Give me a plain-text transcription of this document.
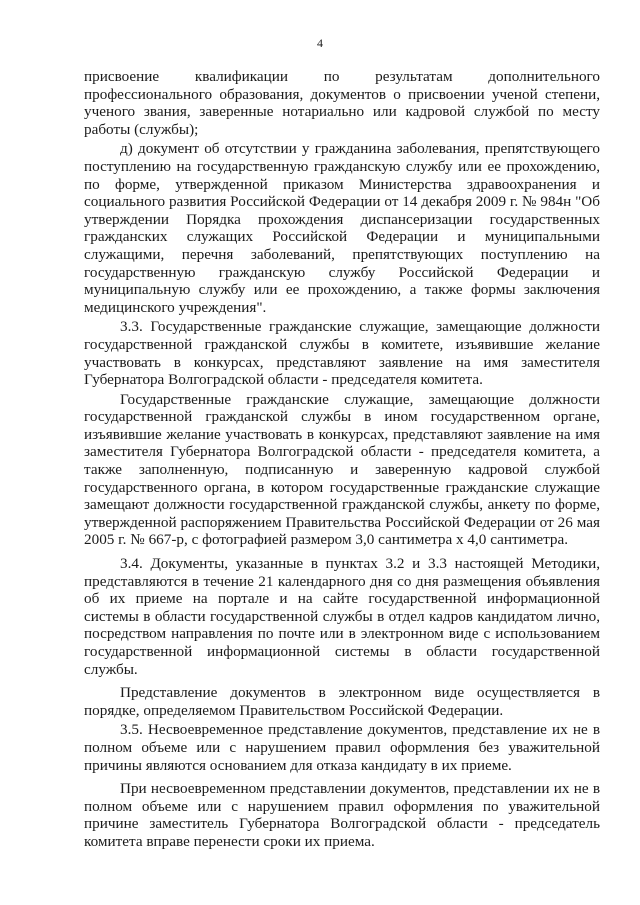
4

присвоение квалификации по результатам дополнительного профессионального образования, документов о присвоении ученой степени, ученого звания, заверенные нотариально или кадровой службой по месту работы (службы);

д) документ об отсутствии у гражданина заболевания, препятствующего поступлению на государственную гражданскую службу или ее прохождению, по форме, утвержденной приказом Министерства здравоохранения и социального развития Российской Федерации от 14 декабря 2009 г. № 984н "Об утверждении Порядка прохождения диспансеризации государственных гражданских служащих Российской Федерации и муниципальными служащими, перечня заболеваний, препятствующих поступлению на государственную гражданскую службу Российской Федерации и муниципальную службу или ее прохождению, а также формы заключения медицинского учреждения".

3.3. Государственные гражданские служащие, замещающие должности государственной гражданской службы в комитете, изъявившие желание участвовать в конкурсах, представляют заявление на имя заместителя Губернатора Волгоградской области - председателя комитета.

Государственные гражданские служащие, замещающие должности государственной гражданской службы в ином государственном органе, изъявившие желание участвовать в конкурсах, представляют заявление на имя заместителя Губернатора Волгоградской области - председателя комитета, а также заполненную, подписанную и заверенную кадровой службой государственного органа, в котором государственные гражданские служащие замещают должности государственной гражданской службы, анкету по форме, утвержденной распоряжением Правительства Российской Федерации от 26 мая 2005 г. № 667-р, с фотографией размером 3,0 сантиметра х 4,0 сантиметра.

3.4. Документы, указанные в пунктах 3.2 и 3.3 настоящей Методики, представляются в течение 21 календарного дня со дня размещения объявления об их приеме на портале и на сайте государственной информационной системы в области государственной службы в отдел кадров кандидатом лично, посредством направления по почте или в электронном виде с использованием государственной информационной системы в области государственной службы.

Представление документов в электронном виде осуществляется в порядке, определяемом Правительством Российской Федерации.

3.5. Несвоевременное представление документов, представление их не в полном объеме или с нарушением правил оформления без уважительной причины являются основанием для отказа кандидату в их приеме.

При несвоевременном представлении документов, представлении их не в полном объеме или с нарушением правил оформления по уважительной причине заместитель Губернатора Волгоградской области - председатель комитета вправе перенести сроки их приема.
